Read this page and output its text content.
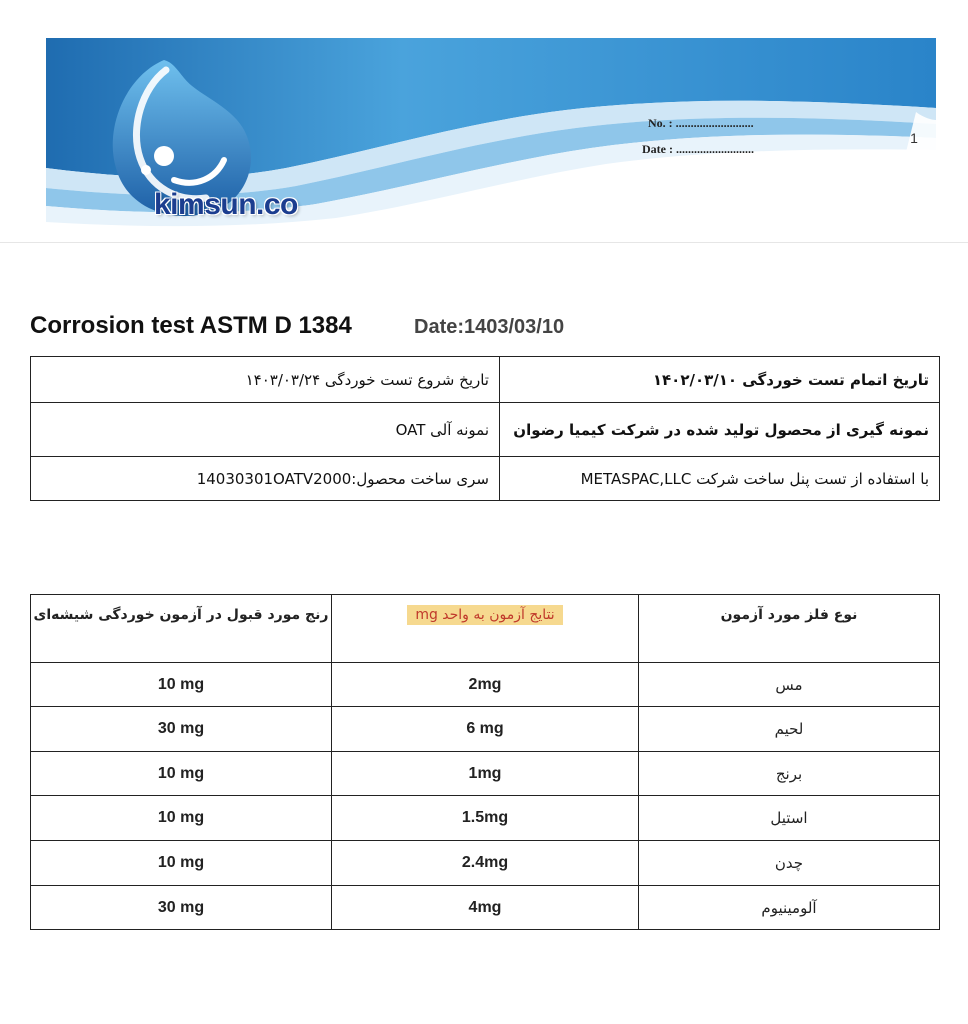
kimsun.co
No. : ..........................
Date : ..........................
1
Corrosion test ASTM D 1384	Date:1403/03/10
تاریخ شروع تست خوردگی ۱۴۰۳/۰۳/۲۴	تاریخ اتمام تست خوردگی ۱۴۰۲/۰۳/۱۰
نمونه آلی OAT	نمونه گیری از محصول تولید شده در شرکت کیمیا رضوان
سری ساخت محصول:14030301OATV2000	با استفاده از تست پنل ساخت شرکت METASPAC,LLC
رنج مورد قبول در آزمون خوردگی شیشه‌ای	نتایج آزمون به واحد mg	نوع فلز مورد آزمون
10 mg	2mg	مس
30 mg	6 mg	لحیم
10 mg	1mg	برنج
10 mg	1.5mg	استیل
10 mg	2.4mg	چدن
30 mg	4mg	آلومینیوم
